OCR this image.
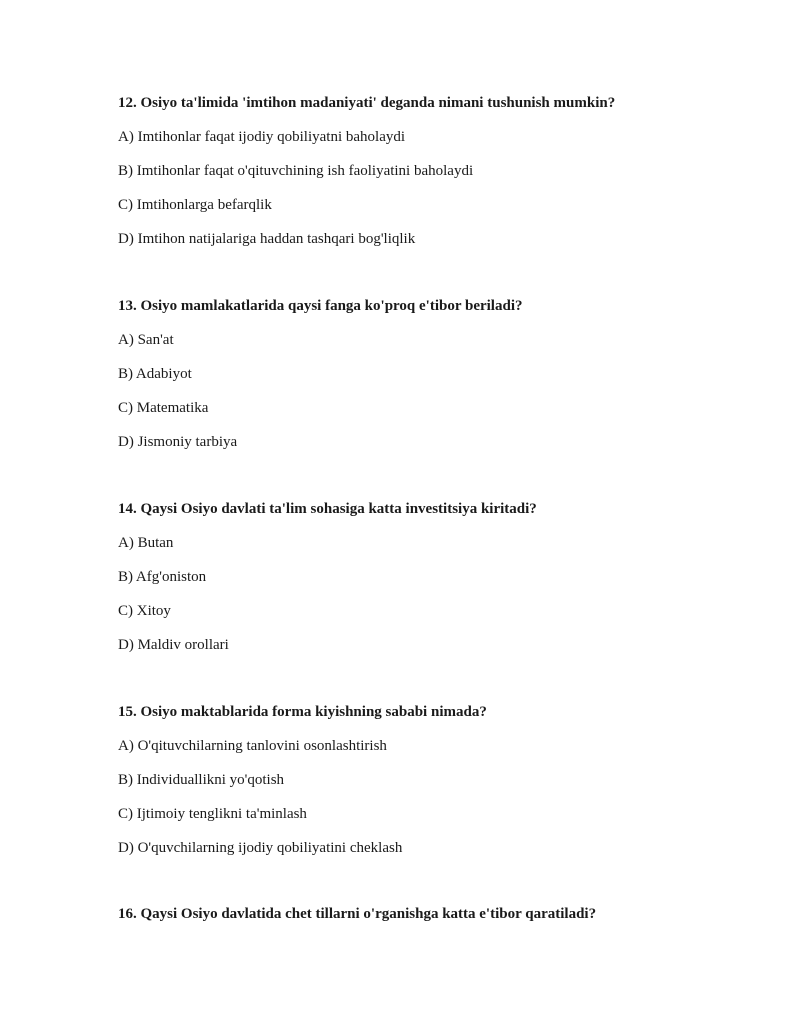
12. Osiyo ta'limida 'imtihon madaniyati' deganda nimani tushunish mumkin?

A) Imtihonlar faqat ijodiy qobiliyatni baholaydi

B) Imtihonlar faqat o'qituvchining ish faoliyatini baholaydi

C) Imtihonlarga befarqlik

D) Imtihon natijalariga haddan tashqari bog'liqlik

13. Osiyo mamlakatlarida qaysi fanga ko'proq e'tibor beriladi?

A) San'at

B) Adabiyot

C) Matematika

D) Jismoniy tarbiya

14. Qaysi Osiyo davlati ta'lim sohasiga katta investitsiya kiritadi?

A) Butan

B) Afg'oniston

C) Xitoy

D) Maldiv orollari

15. Osiyo maktablarida forma kiyishning sababi nimada?

A) O'qituvchilarning tanlovini osonlashtirish

B) Individuallikni yo'qotish

C) Ijtimoiy tenglikni ta'minlash

D) O'quvchilarning ijodiy qobiliyatini cheklash

16. Qaysi Osiyo davlatida chet tillarni o'rganishga katta e'tibor qaratiladi?
